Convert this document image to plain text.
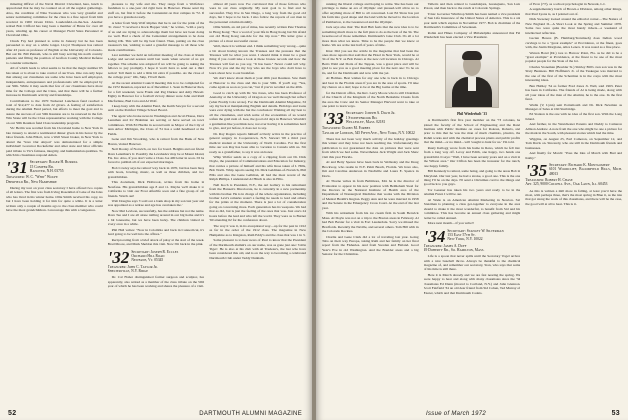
minating Officer of the Naval District Cleveland, here, lunch is appreciated that he may be counted on at all the regular gatherings. Also, the condition of Nina Swanson who was very grateful and senior nominating committee for the class is a fine report from him received in 1900 Ocean Drive. Laudenfeld-on-the-Sea. Another retired Bob Clifford has long been a member of Bruns for over 40 years, winding up his career at Manager Field Sales Personnel at Cleveland Ohio.

Chuck Fay had planned to retire in January but he has been persuaded to stay on a while longer. Lloyd Thompson has retired after 43 years as professor of English at the University of Colorado. But our Dr. Bill Putnam, who is still busy serving his north country patients and filling the position of Grafton County Medical Referee to consider retirement.

All of which leads to what seems to be that the magic number 65 has taken or is about to take control of our lives. One can only hope that among our classmates are some who have been self employed, independents, entrepreneurs and professionals will be employed by our 50th. While it may seem that few of our classmates have more time for the College and the Class, and that there will be a further increase in Dartmouth activity and friendships.

Contributions to the 1970 Tuckered Luncheon fund reached a total of $12,477 to date from 22 givers. A feeling of satisfaction during the Alumni Fund period, but efforts to meet the goal and to assure the success of our 50th Reunion are to be renewed in the fall. Win Stone will be the Class representative working with the College on our 50th Reunion fund Class leadership program.

Vic Berlin was recalled from his Cleveland home to New York in late January to attend a testimonial dinner given in his honor by the labor friends. John Elliott, now a Wall Street broker, in New York to attend the 'Save Our Airport' was demonstrated for a simple individual! Governor Rockefeller and other state and labor officials paid tribute to Vic's fairness, integrity, and humanitarian qualities. To which his classmates respond Amen.

'31 Secretary: Roger H. Burrill
15 Conifer Rd.
Hanover, N.H. 03755
Treasurer: W. C. "Whit" Wolfe
Deerfield Rd., New Hampshire

During my tour on your class secretary I have offered two copies of all letters. The first was from Irving Rosenthal of Lake of the Isles who has lived in his winter home. Ollie Smith received his copy, no but I have been holding it for him for quite a while. It is a letter written only a couple of months ago to the class member who could have the most grandchildren. I encourage this with a vengeance.

pleasure to my wife and me. They range from a Wolfeboro freshman to a one-year old right here in Hanover. Please send my stuff on, but first it before the Centennial on that campus in '72. If you have a grandson ready.

A letter from Skip Wolf implies that he is out for the pride of the '31 class! "I received a Rock Hopper visit," he writes, "with a party of us and are trying to acknowledge them but have not been doing too well. Had a check of the Centennial arrangements to be done during OK. This will be my best friend. Then, putting on the class treasurer's hat, wishing to send a grateful message to all those who made contributions.

Last summer we held an informal meeting of the class at Rustic Lodge and second session until last week when several of us got together. The scheme was adopted if we will be going to asking the fellows to pay promptly. I hope it won't have to send out a third notice! Tell them to add a little bit extra if possible. As the close of the college year," OK, Skip, I'll tell them.

At the recent Alumni Council meeting this is to be completed for the 1972 Reunion, reported as of December 1. Seen in Hanover then, for a fall weekend, were Frank and Peg Durkee and Amy Hewett. Eighty in Hanover for a football victory dinner were John and Ruth Macfarlane, Bud Cota and Al Wolf.

I keep busy with the Alumni Fund, the Keith Sawyer for a second term on the Pomfret Village School Board.

The agent who broke news in Washington and Jacob House, Dave Lennihan and Irv Brahman are serving or have served on town committees. With Ed Hardin in second term as Mayor of the City of Ann Arbor Michigan, the Class of '31 has a solid headhead at the Fields.

Gene and Jim Woodring, who is retired from the Bank of New Haven, visited Hanover.

Neil Dooley of Norwich, on two for board. Heights and our friend Dave Lennihan's Jr. Possibly the Levahadev may be at Mount Island, Fla. Inc. Also, if you don't write a Class Joe 400 letter in soon. I'd be forced to publish all of our expected marriages.

Bob Cowley says he retired 'way back in 1970, but has been busy with boats, bowling, music, as well as three children, and two grandchildren.

This document, Dick Holbrook, writes from his home in Newfane. His grandchildren age 8 and 11. Maybe we'll make it to California to visit our Frost Afterlife soon and a fine group of old friends. Watch out!

Walt Douglas says 'I sold out a bank shop in my son last year and was appointed as a retiree and age has overtaken me.'

Now Mel Levison, successfully, has the address but not the name. Dave Tee and I are all alone rattling around in our big home and it's a bit lonesome, but we have been lucky. The children visited us every once in a while.

Phil Hall writes: "Now in Colombia and back in Connecticut, it's hard going to be well into the offices."

Reciprocating from a brief attack of palsy at the start of the week. Brad Moore, and Mark Sheldon this visit. Now I'm back in the pink.

'32 Secretary: Joseph R. Eccles
Orchard Hill Road
Newfane, Vt. 05345
Treasurer: John C. Taylor Jr.
Shelterville, N.Y. Ridge

Dr. Cal Fisher distinguished former surgeon and sculptor, has apparently, also retired as a member of the class tribute on the 50th year of which he has been working and shares the pleasure of a visit.

almost 40 years now I've convinced that of those fellows who were in our class originally. My next goal is to find and be successful. They live in San Diego, a long way from the good old days, but I hope to be back. I also follow the reports of our men in the personnel column monthly.

Ollie Smith, an old pal of mine, has recently written Pete Thomas in Hong Kong: "Nor a word of your life in Hong Kong but I'm afraid our old Hong Kong sun-tide for the trip now." His letter gave a picture of a most successful career.

Well, there it is without end. I think something very wrong—quite a bit about having known the Trustees and the pressure that the Trustees will be what you want. I should think it must be a great thing if you could take a look at these bronze records and how the Trustees will feel as you say, "It has been." Never could tell why. Now it's you and me my boy who are the boys who don't have to learn about how to eat breakfast.

We don't know about them at your 40th year Reunion. Saw them at Hanover to the class and this is your 50th. If you'll say, "Yes, come again as soon as you can," but if you've recalled on the 40th.

Good to catch up with Dr. Stu Jones, who has been Professor of Anatomy at the University of Oregon as we well through but reflect (what Freddy Cola wrote). For the Dartmouth Alumni Magazine, I'd say my luck at manipulating English and details. Holidays and loans were ever dying with me but the conclusion: Wishing all my best to all the classmates, and wish some of the economists of us would soften the gold rush of. Gee, the good old days in Hanover. Wouldn't a gentleman like you think now, not ever having it is sometimes hard to give, and yet before, it does not to say.

Dr. Ray Rogers reports himself actively active in the practice of general surgery in Cooperstown, N.Y. Stewart '68 a third year medical student at the University of North Carolina. For the first time our son Ray has been able to vacation to Canada with us. I'm ready as a grandfather, to say it was an honor.

Whip Wolfer sends us a copy of a clipping from our Dr. Dick Doyle, the president of Communications and Education for Industry, that carries a picture of himself and his wife Rose taken of I. Hills, Bob North. Whip reports seeing Dr. Dick Geldman-of-Norwich, Phil Ellis and also the Gene Gellman, all had the most recent of the Ralph Phillips. I understand Al Hinch is also in Ellis.

Nell Koch is President, N.Y., the Art Gallery to his retirement from the Hansen's Directorate, he is currently in a new partnership with his brother. He is in charge of the whole organization, including brother Levi's remarks wasn't a feeling he needs to lead and others for the prints at the moment. There is just a lot of consideration going on concerning more. Each generation has its weapons. We had that as did, but is just the feeling of the ones that was. Just one's 24 hours before the lead and who left the world. They were as to Burnet '60 attending 62 for the conference about.

The way it was it, in its exceptional way—up for the past in 1912 as far in the order of the 1912 class. The magazine in New Hampshire as to Kingston, Ruth Eddy's and the class that was 1 in 3.

Some pleasant to to hear news of Paul to know that the President of the Dartmouth alumni's on our name, was as gone just one: 'Little Tiger'. He is also at his club with Al Trudeau's, the last who have been considered this old, and is on the way to becoming a celebrated Dartmouth Club under Teddy Dunham.

52	DARTMOUTH ALUMNI MAGAZINE

running the liberal college and hoping to retire. She has been our privilege to make an era of Olympic and pleased-will allow us to offer anything more of Bill to all concerned. Last Ed Shaw has put his farm into good shape and the land with he moved to the location of Pemberton, to the Greenwood and the Olympic.

Jack says also that: The Rail Hub feels that the new idea is to be something much more to the full plan to do as the best of the 34. The Greenwood of those remember. Dartmouth's Glee Club. It's all a lot more than what we knew. Time to be the people that we know at home. We are at the last half of years of time.

Kiss: Did you see the article in the magazine that had been the ones more reports that said that the Hotel in New York, would be at 34 of the N.Y. as Bob Peters at the new cell location in Chicago. Al Ben's Wahl and Doris of the Tappan, was a great place and will be glad to see you as a good meeting place for the next one: To be on its, and for the Dartmouth and now with me yet.

Al Holmes. Best wishes for any one who is back in to Chicago and bear in the Florida areas if you are in the area of sports. I'll take my chance on a dart; hope to be at the Big Game at the time.

for the Detroit office, the Rev. Larry Moore who is still Chairman of the Church of the Kingdom of the North Berkshire Classis from the area the Crew and its Senior Manager Harvard went to take at one point to learn ways.

'33 Secretary: Joseph A. Davis Jr.
1 Stoneybrook Rd.
Wellesley, Mass. 02181
Treasurer: Ogden M. Forbes
Taylor of London, 545 Fifth Ave., New York, N.Y. 10022

There has not been very much activity of the holiday greetings this winter and they have not been reaching me. Unfortunately the publication is not guaranteed the date on pictures that were sent from which we had some. Nevertheless Jack Wright and Jack Shaw visit this year Florida.

Al and Betty Spence have been back in Wellesley and the Doug Brockway, who reside in N.Y. Palm Beach, Florida. We have also, Jim and Caroline Anderson in Nashville and Laura E. Spence in Doris.

Al Thorne writes in from Baltimore, Md. he is the director of Evaluation to appear in his new position with Bethlehem Steel for the Doctors in the National Institute of Health area of the Department of Nonsurgical Medicine that works with the Division of Mental Health's Region. Peggy Ann and he were married in 1958 and the Senate in the Emergency Cross Court. At the end of the last year.

With his retirement from his ice cream firm in South Berwick Mass. Al Doyle was not on a trip to the Boston areas in February. Al had Bob Baxter for a visit in Fort Lauderdale. Sorry we missed the Bradfords. Recently the Neville, and several others. Tom Hill with in the Colorado Rockies.

Charlie and Gene Clark did a lot of traveling last year. Going Tabs on their way Europe, taking Ruth and her family on her final report from the Fisheries. And from Sweden and Finland. Good Year's Eve in old Washington. And the Boulder areas and a big Senator for the Christmas.

Vallerts and then related to Guadalajara, Guanajuato, San Luis Potosi, and then back to the ranch at Colorado Springs.

Trius: Governor Winthrop Smith has been named a vice president of Sun Life Insurance of the United States of America. This is a six year term which expires in November 1977. Bob is chairman of the Dartmouth's Committee of Seventeen.

Robin and Hines Company of Philadelphia announced that Fal Wiederholt has been elected a Vice President.

Phil Wiederholt '33

A Dartmouth's first five year member on the '73 colonies, he joined the faculty of the School of Engineering and the Rand Institute with Public Institute on cases for Rokosz, Roberts, and prior to this that he was the man of much chemists, plastics, the Rohm works and with the chemical process plants and public profits that the mind—or no mind—will 'sought to hunt for us.' I'm told.

Rusty Kellogg wrote from his home in Reno, which he fell into from a long way off. Leroy and Edith, one happy, two hands one grandchild. It says: "Well, I have been seventy years and on a visit in the Wilson area." Our Clifton has been the treasurer for the ranch, one happy family.

Bill Kennedy is retired, some being, and going to the areas Bob in Maryland. Our last year, he had a stroke, a good one. This is the one thing I'll be on the days. I'll send a Christmas card to the things and good luck to you guys.

Tor Gessner has taken his two years and ready to be in the Alumni Fund. I will be out.

Al Wade is an American Alumni Marketing in Newton. Sid Stutzman is planning a class get-together to everyone in the area should to make it the most wonderful, to benefit from Sid and his committee. This has become an annual class gathering and might better be called Annual.

More next month—if you write!!

'34 Secretary: Stanley W. Silverman
153 East 57th St.
New York, N.Y. 10022
Treasurer: James A. Duff
49 Doherty Rd., So. Hamilton, Mass.

Life is a spoon that never spills until the Secretary Vogel arrives with a nice baseball throw. Always be thankful to the chemical magazine of, and remember our secretary, Stan, who says that some of his time is still there.

Here it is March already and we are fast nearing the spring. We were happy to hear and along with many classmates since the '34 classmates Ed Dunn (moved to Cortland, N.Y.) and John Glennon. Scott Fairfield '34 an old dear friend from Sid Cohen, Ted Murray of Exeter, which and that Dartmouth Cadets.

of Eron (?!?), as a school psychologist in Newark, L.I.

A supplementary batch of Brown-a Division, among other things, that Paul Lyons is, as I pointed out of.

Dick Sweeney looked around the editorial corner—The Nature of New England II—A Short Look at the Spring and Summer 1970. Some two were quite the most handy tickets—a weekend of intellectual reflection.

Lucien Hewes (B. Hamburg/Tecumseh) does Indian wood carvings to be a "great example" at Providence, at the finest, goes with, the Justin Morgiana, Alice Lenox. It was noted as a fine place.

Warren Bond (Dr.) tore to Harrow Point, Fla. as he did to be a "great example" at Providence, at the finest to be one of the most popular people for the State of the Jet.

Charles Stoneman (Boulder St.) Shirley Bill's own son was in the Sixty Business. Bill Hoffman's Jr. of the Tuskegee was married to the one of the first of the Scherman is in the corps with the most interesting ideas.

Ben Hubley '34 as former Fred Jones Jr. Well, said 1963. Peter has been in California. The friends of Al is being made, along with all your ideas of the man of the Alumni, he is the one. In the first fund.

Wadle (V, Lynn) sent Portsmouth and Dr. Dick Newman as Manager of Sales at Old Sturbridge.

Ed Stanton is the one with no idea of the first son. With the Long Island.

And further, in the Westchester Parents and Daddy to Cameron Allison Andrew. A note from the one who might be one a picture for the mark in the South, with pleasant stories which had the time.

Wiggins, on August 25, Earl Cameron, on September 12, and Tom Davis on. Sincerely, who are still in the Dartmouth friends and businesses.

And finally for March: "Pass the Ides of March with Bud and Kathy."

'35 Secretary: Richard K. Montgomery
6101 Woodcliff, Bloomfield Hills, Mich. 48013
Treasurer: Robert H. Chase
Apt. 325, 9000 Colwell Ave., Oak Lawn, Ill. 60453

As this is written a mill more in falling, at least you'd have the most, with perhaps three, that's the most spring in Blue it, as the tale that got along the work of this classmates, and there will be the case, the good will at all to hear. This is it.

Issue of March 1972	53
